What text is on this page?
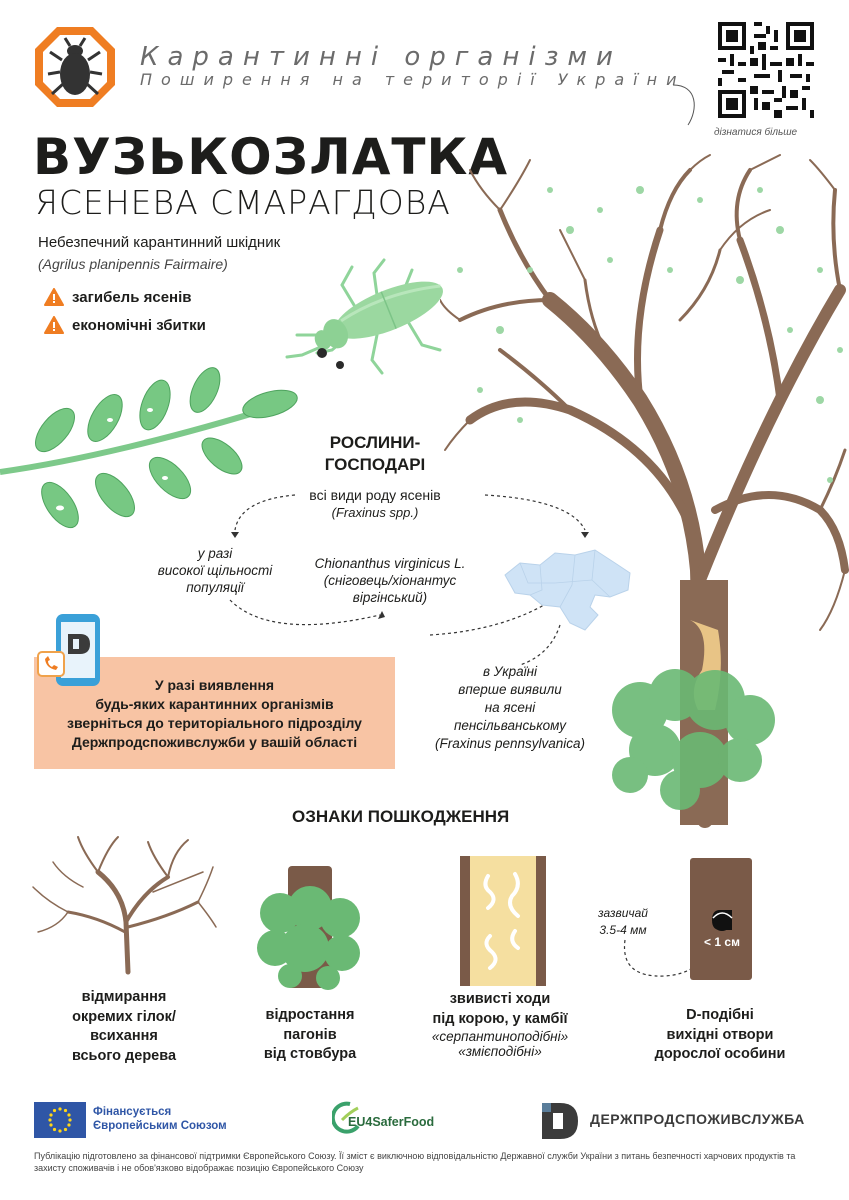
Карантинні організми
Поширення на території України
дізнатися більше
ВУЗЬКОЗЛАТКА
ЯСЕНЕВА СМАРАГДОВА
Небезпечний карантинний шкідник
(Agrilus planipennis Fairmaire)
загибель ясенів
економічні збитки
РОСЛИНИ-
ГОСПОДАРІ
всі види роду ясенів
(Fraxinus spp.)
у разі
високої щільності
популяції
Chionanthus virginicus L.
(сніговець/хіонантус
віргінський)
в Україні
вперше виявили
на ясені
пенсільванському
(Fraxinus pennsylvanica)
У разі виявлення
будь-яких карантинних організмів
зверніться до територіального підрозділу
Держпродспоживслужби у вашій області
ОЗНАКИ ПОШКОДЖЕННЯ
зазвичай
3.5-4 мм
< 1 см
відмирання
окремих гілок/
всихання
всього дерева
відростання
пагонів
від стовбура
звивисті ходи
під корою, у камбії
«серпантиноподібні»
«змієподібні»
D-подібні
вихідні отвори
дорослої особини
Фінансується
Європейським Союзом	EU4SaferFood	ДЕРЖПРОДСПОЖИВСЛУЖБА
Публікацію підготовлено за фінансової підтримки Європейського Союзу. Її зміст є виключною відповідальністю Державної служби України з питань безпечності харчових продуктів та захисту споживачів і не обов'язково відображає позицію Європейського Союзу
